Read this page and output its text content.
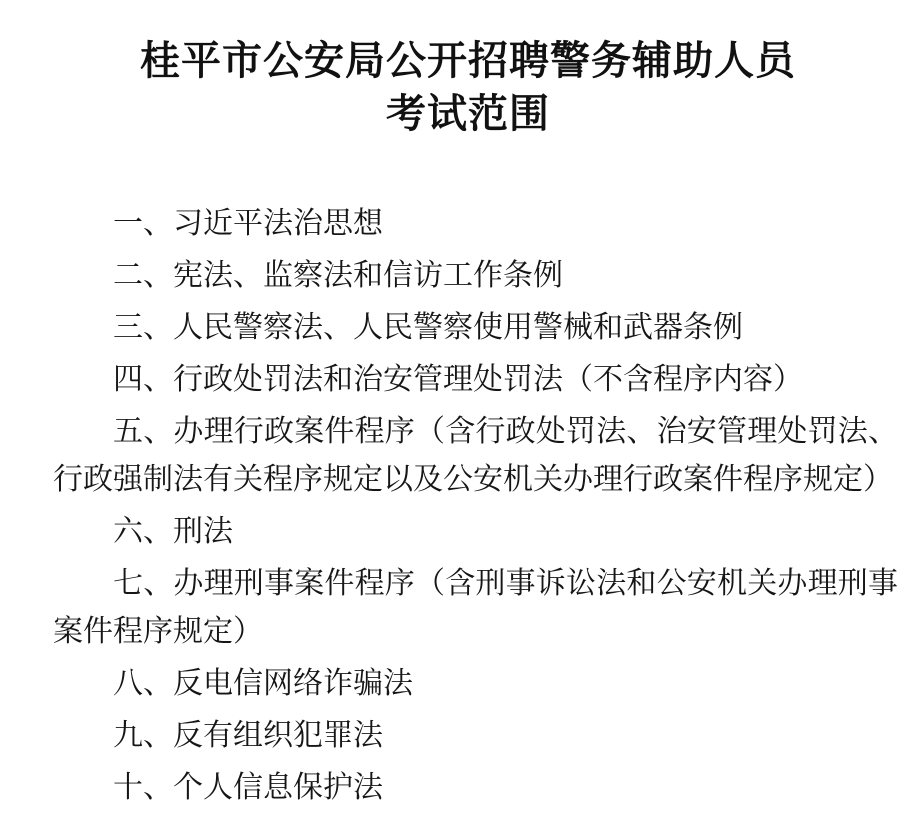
桂平市公安局公开招聘警务辅助人员
考试范围

一、习近平法治思想

二、宪法、监察法和信访工作条例

三、人民警察法、人民警察使用警械和武器条例

四、行政处罚法和治安管理处罚法（不含程序内容）

五、办理行政案件程序（含行政处罚法、治安管理处罚法、行政强制法有关程序规定以及公安机关办理行政案件程序规定）

六、刑法

七、办理刑事案件程序（含刑事诉讼法和公安机关办理刑事案件程序规定）

八、反电信网络诈骗法

九、反有组织犯罪法

十、个人信息保护法
